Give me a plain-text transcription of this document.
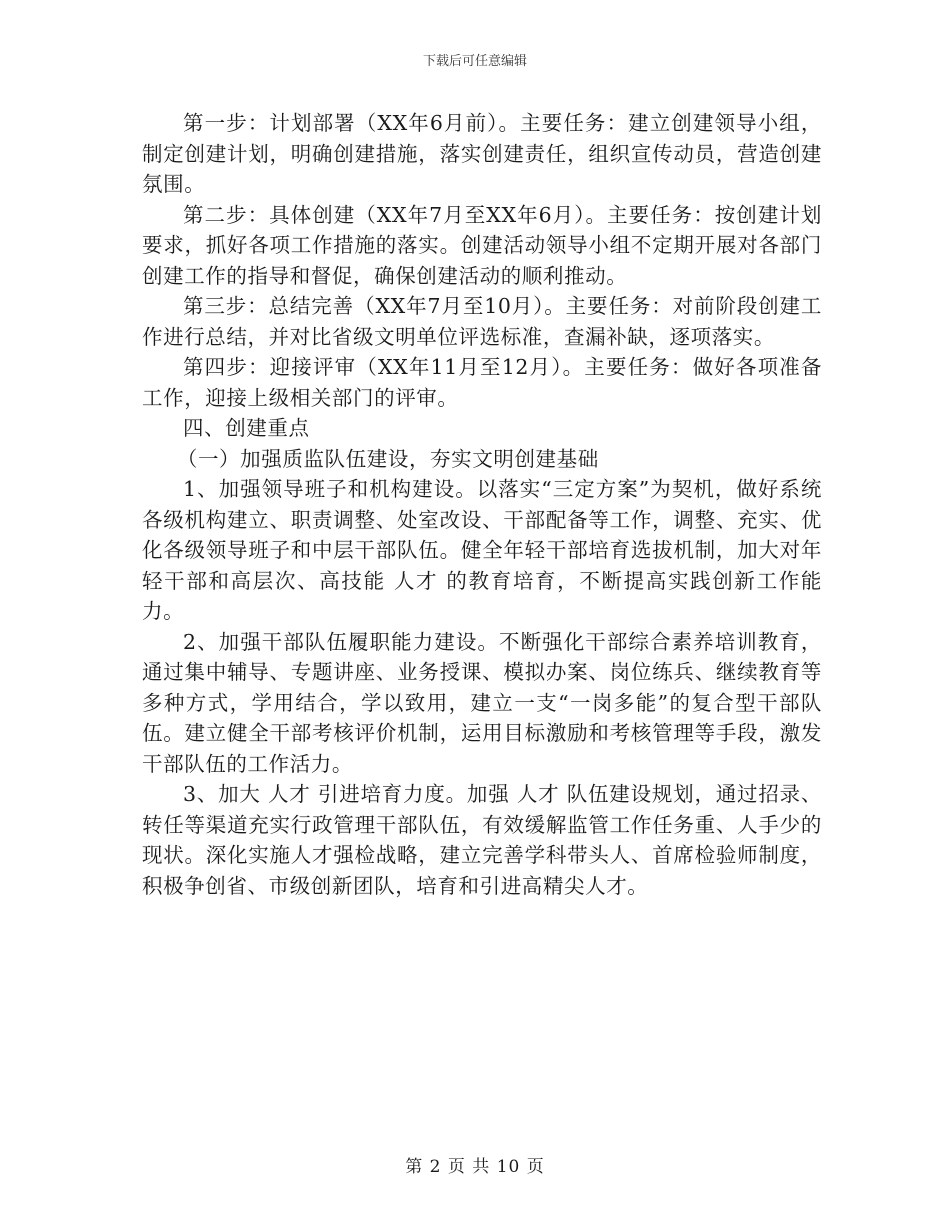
下载后可任意编辑

第一步：计划部署（XX年6月前）。主要任务：建立创建领导小组，制定创建计划，明确创建措施，落实创建责任，组织宣传动员，营造创建氛围。

第二步：具体创建（XX年7月至XX年6月）。主要任务：按创建计划要求，抓好各项工作措施的落实。创建活动领导小组不定期开展对各部门创建工作的指导和督促，确保创建活动的顺利推动。

第三步：总结完善（XX年7月至10月）。主要任务：对前阶段创建工作进行总结，并对比省级文明单位评选标准，查漏补缺，逐项落实。

第四步：迎接评审（XX年11月至12月）。主要任务：做好各项准备工作，迎接上级相关部门的评审。

四、创建重点

（一）加强质监队伍建设，夯实文明创建基础

1、加强领导班子和机构建设。以落实“三定方案”为契机，做好系统各级机构建立、职责调整、处室改设、干部配备等工作，调整、充实、优化各级领导班子和中层干部队伍。健全年轻干部培育选拔机制，加大对年轻干部和高层次、高技能 人才 的教育培育，不断提高实践创新工作能力。

2、加强干部队伍履职能力建设。不断强化干部综合素养培训教育，通过集中辅导、专题讲座、业务授课、模拟办案、岗位练兵、继续教育等多种方式，学用结合，学以致用，建立一支“一岗多能”的复合型干部队伍。建立健全干部考核评价机制，运用目标激励和考核管理等手段，激发干部队伍的工作活力。

3、加大 人才 引进培育力度。加强 人才 队伍建设规划，通过招录、转任等渠道充实行政管理干部队伍，有效缓解监管工作任务重、人手少的现状。深化实施人才强检战略，建立完善学科带头人、首席检验师制度，积极争创省、市级创新团队，培育和引进高精尖人才。

第 2 页 共 10 页
